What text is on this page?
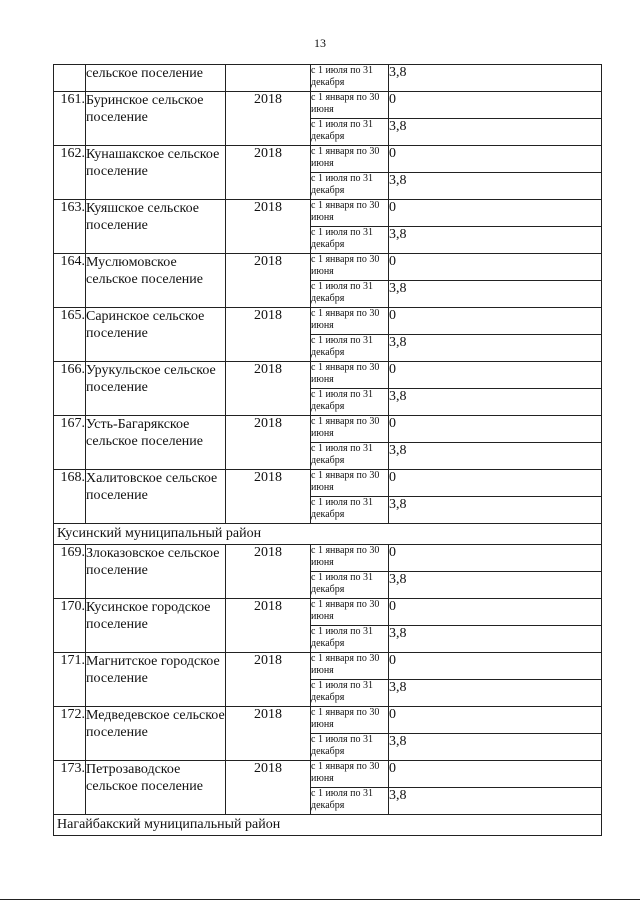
13
	сельское поселение		с 1 июля по 31 декабря	3,8
161.	Буринское сельское поселение	2018	с 1 января по 30 июня	0
			с 1 июля по 31 декабря	3,8
162.	Кунашакское сельское поселение	2018	с 1 января по 30 июня	0
			с 1 июля по 31 декабря	3,8
163.	Куяшское сельское поселение	2018	с 1 января по 30 июня	0
			с 1 июля по 31 декабря	3,8
164.	Муслюмовское сельское поселение	2018	с 1 января по 30 июня	0
			с 1 июля по 31 декабря	3,8
165.	Саринское сельское поселение	2018	с 1 января по 30 июня	0
			с 1 июля по 31 декабря	3,8
166.	Урукульское сельское поселение	2018	с 1 января по 30 июня	0
			с 1 июля по 31 декабря	3,8
167.	Усть-Багарякское сельское поселение	2018	с 1 января по 30 июня	0
			с 1 июля по 31 декабря	3,8
168.	Халитовское сельское поселение	2018	с 1 января по 30 июня	0
			с 1 июля по 31 декабря	3,8
Кусинский муниципальный район				
169.	Злоказовское сельское поселение	2018	с 1 января по 30 июня	0
			с 1 июля по 31 декабря	3,8
170.	Кусинское городское поселение	2018	с 1 января по 30 июня	0
			с 1 июля по 31 декабря	3,8
171.	Магнитское городское поселение	2018	с 1 января по 30 июня	0
			с 1 июля по 31 декабря	3,8
172.	Медведевское сельское поселение	2018	с 1 января по 30 июня	0
			с 1 июля по 31 декабря	3,8
173.	Петрозаводское сельское поселение	2018	с 1 января по 30 июня	0
			с 1 июля по 31 декабря	3,8
Нагайбакский муниципальный район				
